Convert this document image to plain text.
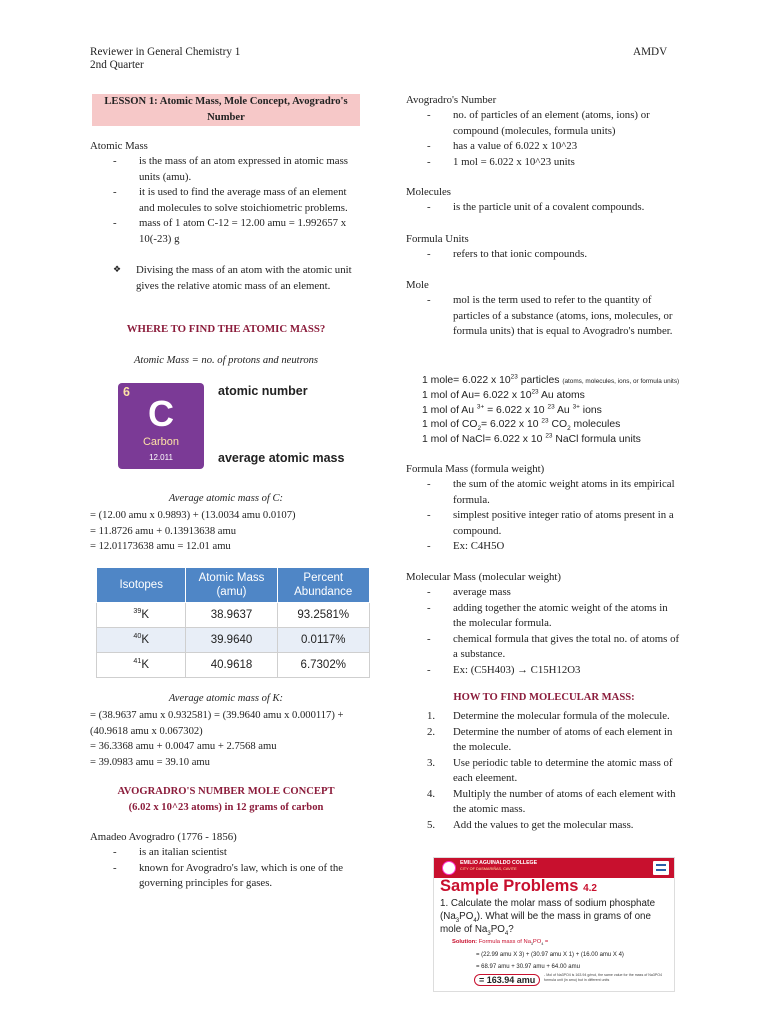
Reviewer in General Chemistry 1
2nd Quarter
AMDV
LESSON 1: Atomic Mass, Mole Concept, Avogradro's Number
Atomic Mass
- is the mass of an atom expressed in atomic mass units (amu).
- it is used to find the average mass of an element and molecules to solve stoichiometric problems.
- mass of 1 atom C-12 = 12.00 amu = 1.992657 x 10(-23) g
❖ Divising the mass of an atom with the atomic unit gives the relative atomic mass of an element.
WHERE TO FIND THE ATOMIC MASS?
Atomic Mass = no. of protons and neutrons
6
C
Carbon
12.011
atomic number
average atomic mass
Average atomic mass of C:
= (12.00 amu x 0.9893) + (13.0034 amu 0.0107)
= 11.8726 amu + 0.13913638 amu
= 12.01173638 amu = 12.01 amu
Isotopes	Atomic Mass (amu)	Percent Abundance
$^{39}$K	38.9637	93.2581%
$^{40}$K	39.9640	0.0117%
$^{41}$K	40.9618	6.7302%
Average atomic mass of K:
= (38.9637 amu x 0.932581) = (39.9640 amu x 0.000117) +
(40.9618 amu x 0.067302)
= 36.3368 amu + 0.0047 amu + 2.7568 amu
= 39.0983 amu = 39.10 amu
AVOGRADRO'S NUMBER MOLE CONCEPT
(6.02 x 10^23 atoms) in 12 grams of carbon
Amadeo Avogradro (1776 - 1856)
- is an italian scientist
- known for Avogradro's law, which is one of the governing principles for gases.
Avogradro's Number
- no. of particles of an element (atoms, ions) or compound (molecules, formula units)
- has a value of 6.022 x 10^23
- 1 mol = 6.022 x 10^23 units
Molecules
- is the particle unit of a covalent compounds.
Formula Units
- refers to that ionic compounds.
Mole
- mol is the term used to refer to the quantity of particles of a substance (atoms, ions, molecules, or formula units) that is equal to Avogradro's number.
1 mole= 6.022 x $10^{23}$ particles (atoms, molecules, ions, or formula units)
1 mol of Au= 6.022 x $10^{23}$ Au atoms
1 mol of Au $^{3+}$ = 6.022 x 10 $^{23}$ Au $^{3+}$ ions
1 mol of $CO_2= 6.022$ x 10 $^{23}$ $CO_2$ molecules
1 mol of NaCl= 6.022 x 10 $^{23}$ NaCl formula units
Formula Mass (formula weight)
- the sum of the atomic weight atoms in its empirical formula.
- simplest positive integer ratio of atoms present in a compound.
- Ex: C4H5O
Molecular Mass (molecular weight)
- average mass
- adding together the atomic weight of the atoms in the molecular formula.
- chemical formula that gives the total no. of atoms of a substance.
- Ex: (C5H403) → C15H12O3
HOW TO FIND MOLECULAR MASS:
1. Determine the molecular formula of the molecule.
2. Determine the number of atoms of each element in the molecule.
3. Use periodic table to determine the atomic mass of each eleement.
4. Multiply the number of atoms of each element with the atomic mass.
5. Add the values to get the molecular mass.
EMILIO AGUINALDO COLLEGE
CITY OF DASMARIÑAS, CAVITE
Sample Problems 4.2
1. Calculate the molar mass of sodium phosphate
$(Na_3PO_4)$. What will be the mass in grams of one
mole of $Na_3PO_4$?
Solution: Formula mass of $Na_3PO_4$ =
= (22.99 amu X 3) + (30.97 amu X 1) + (16.00 amu X 4)
= 68.97 amu + 30.97 amu + 64.00 amu
= 163.94 amu	- Mol of Na3PO4 is 163.94 g/mol, the same value for the mass of Na3PO4 formula unit (in amu) but in different units
